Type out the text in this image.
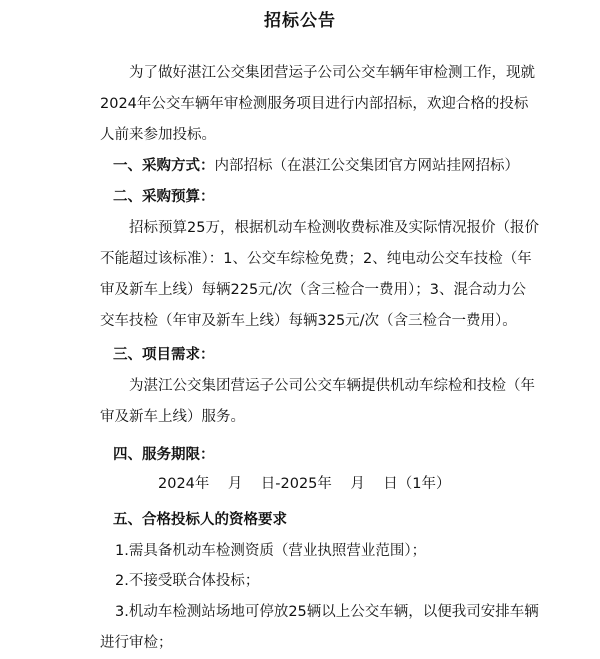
招标公告
为了做好湛江公交集团营运子公司公交车辆年审检测工作，现就2024年公交车辆年审检测服务项目进行内部招标，欢迎合格的投标人前来参加投标。
一、采购方式：内部招标（在湛江公交集团官方网站挂网招标）
二、采购预算：
招标预算25万，根据机动车检测收费标准及实际情况报价（报价不能超过该标准）：1、公交车综检免费；2、纯电动公交车技检（年审及新车上线）每辆225元/次（含三检合一费用）；3、混合动力公交车技检（年审及新车上线）每辆325元/次（含三检合一费用）。
三、项目需求：
为湛江公交集团营运子公司公交车辆提供机动车综检和技检（年审及新车上线）服务。
四、服务期限：
2024年    月    日-2025年    月    日（1年）
五、合格投标人的资格要求
1.需具备机动车检测资质（营业执照营业范围）；
2.不接受联合体投标；
3.机动车检测站场地可停放25辆以上公交车辆，以便我司安排车辆进行审检；
